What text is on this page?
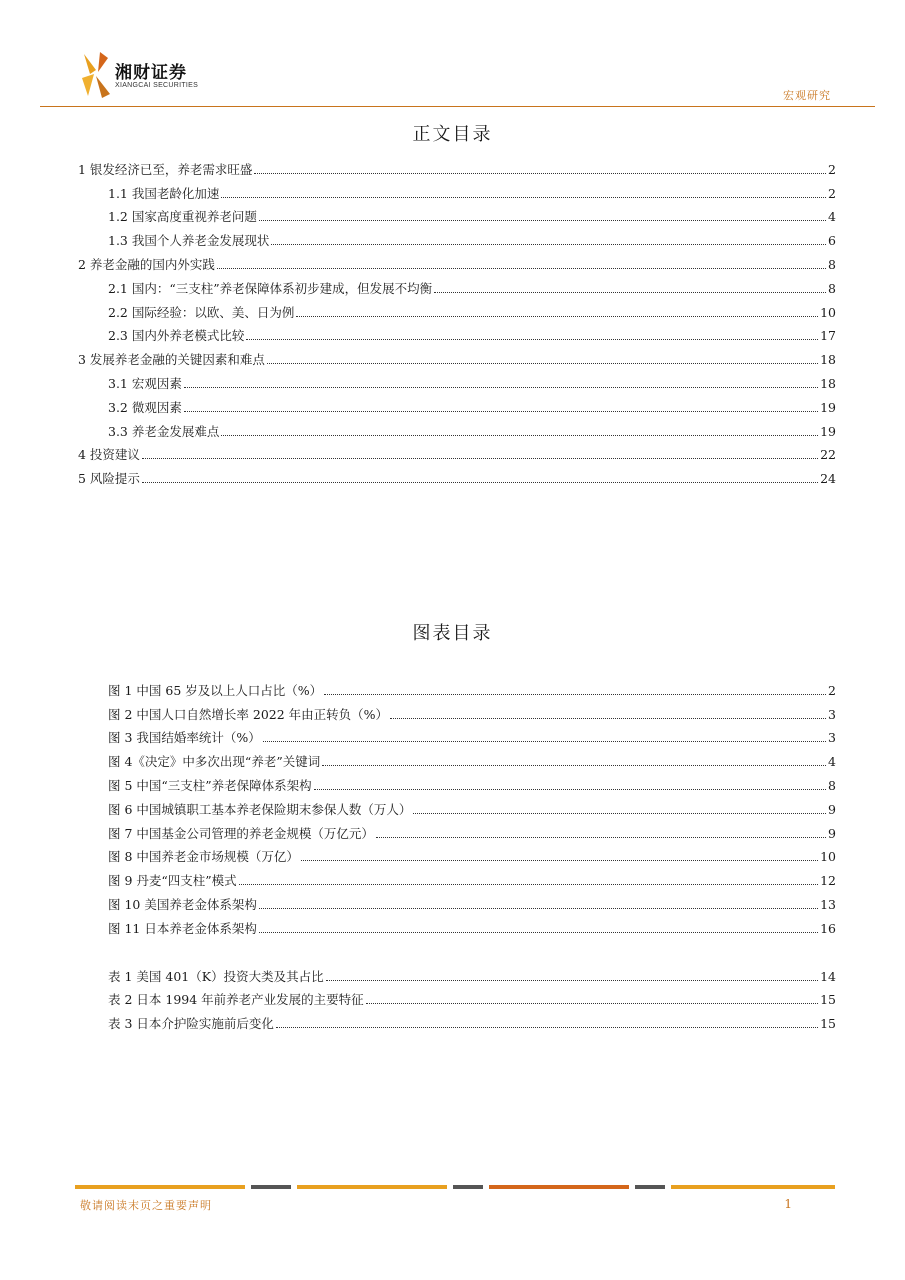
湘财证券
XIANGCAI SECURITIES
宏观研究
正文目录
1 银发经济已至，养老需求旺盛	2
1.1 我国老龄化加速	2
1.2 国家高度重视养老问题	4
1.3 我国个人养老金发展现状	6
2 养老金融的国内外实践	8
2.1 国内：“三支柱”养老保障体系初步建成，但发展不均衡	8
2.2 国际经验：以欧、美、日为例	10
2.3 国内外养老模式比较	17
3 发展养老金融的关键因素和难点	18
3.1 宏观因素	18
3.2 微观因素	19
3.3 养老金发展难点	19
4 投资建议	22
5 风险提示	24
图表目录
图 1 中国 65 岁及以上人口占比（%）	2
图 2 中国人口自然增长率 2022 年由正转负（%）	3
图 3 我国结婚率统计（%）	3
图 4《决定》中多次出现“养老”关键词	4
图 5 中国“三支柱”养老保障体系架构	8
图 6 中国城镇职工基本养老保险期末参保人数（万人）	9
图 7 中国基金公司管理的养老金规模（万亿元）	9
图 8 中国养老金市场规模（万亿）	10
图 9 丹麦“四支柱”模式	12
图 10 美国养老金体系架构	13
图 11 日本养老金体系架构	16
表 1 美国 401（K）投资大类及其占比	14
表 2 日本 1994 年前养老产业发展的主要特征	15
表 3 日本介护险实施前后变化	15
敬请阅读末页之重要声明	1
